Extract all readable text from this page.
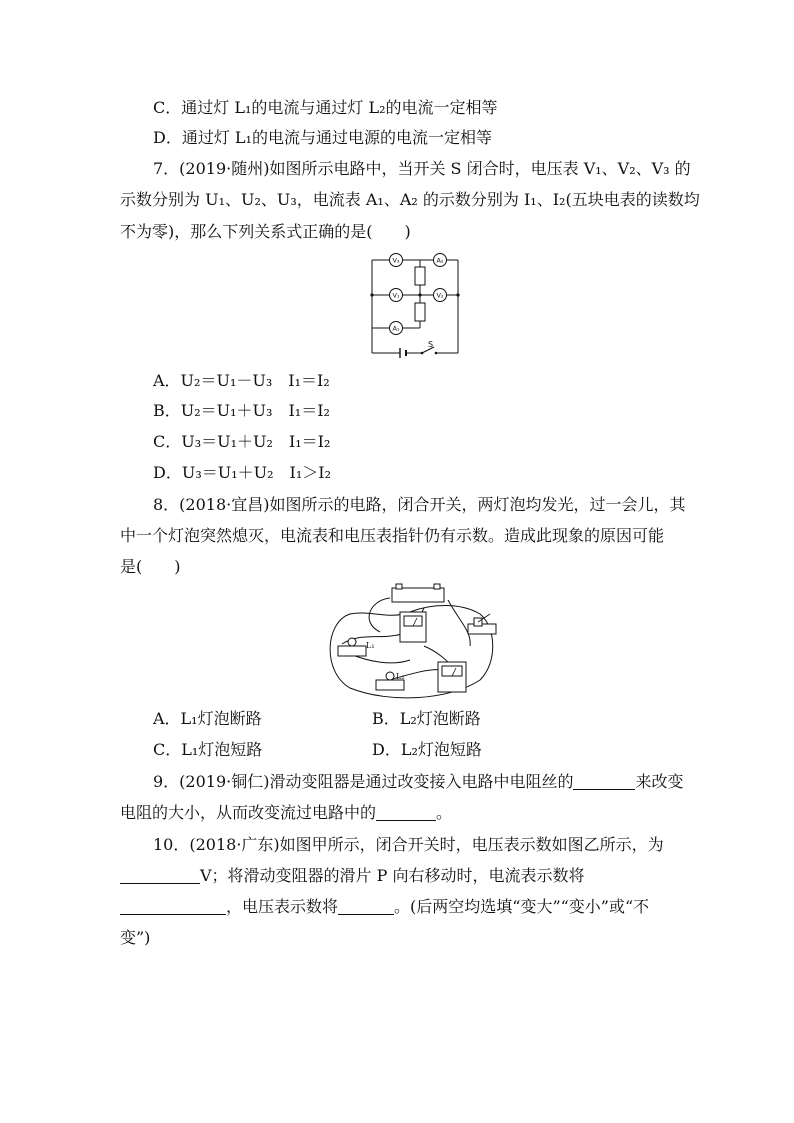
C．通过灯 L₁的电流与通过灯 L₂的电流一定相等
D．通过灯 L₁的电流与通过电源的电流一定相等
7．(2019·随州)如图所示电路中，当开关 S 闭合时，电压表 V₁、V₂、V₃ 的
示数分别为 U₁、U₂、U₃，电流表 A₁、A₂ 的示数分别为 I₁、I₂(五块电表的读数均
不为零)，那么下列关系式正确的是(　　)
V₃	A₂
V₁	V₂
A₁
S
A．U₂＝U₁－U₃　I₁＝I₂
B．U₂＝U₁＋U₃　I₁＝I₂
C．U₃＝U₁＋U₂　I₁＝I₂
D．U₃＝U₁＋U₂　I₁＞I₂
8．(2018·宜昌)如图所示的电路，闭合开关，两灯泡均发光，过一会儿，其
中一个灯泡突然熄灭，电流表和电压表指针仍有示数。造成此现象的原因可能
是(　　)
L₁
L₂
A．L₁灯泡断路	B．L₂灯泡断路
C．L₁灯泡短路	D．L₂灯泡短路
9．(2019·铜仁)滑动变阻器是通过改变接入电路中电阻丝的	来改变
电阻的大小，从而改变流过电路中的	。
10．(2018·广东)如图甲所示，闭合开关时，电压表示数如图乙所示，为
V；将滑动变阻器的滑片 P 向右移动时，电流表示数将
，电压表示数将	。(后两空均选填“变大”“变小”或“不
变”)
